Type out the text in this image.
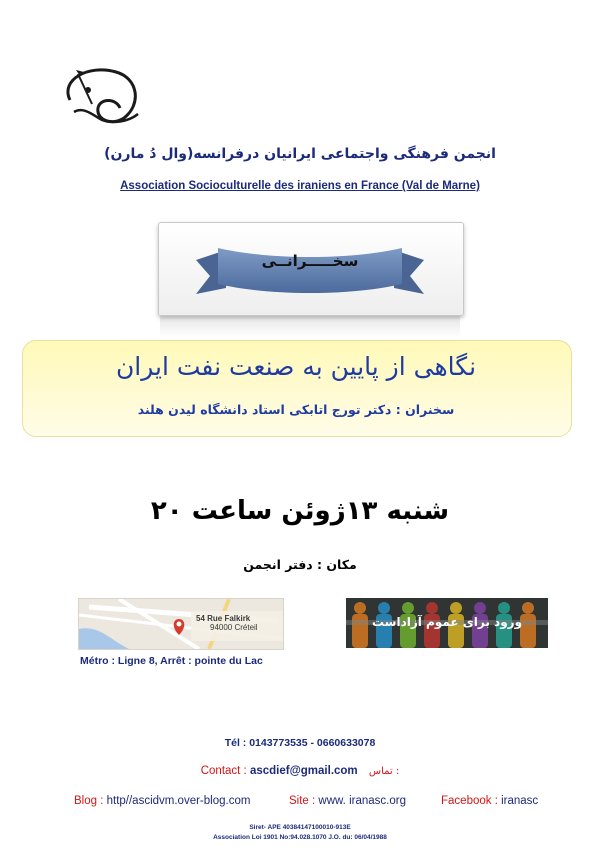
انجمن فرهنگی واجتماعی ایرانیان درفرانسه(وال دُ مارن)
Association Socioculturelle des iraniens en France (Val de Marne)
سخـــــرانــی
نگاهی از پایین به صنعت نفت ایران
سخنران : دکتر تورج اتابکی استاد دانشگاه لیدن هلند
شنبه ۱۳ژوئن ساعت ۲۰
مکان : دفتر انجمن
54 Rue Falkirk
94000 Créteil
Métro : Ligne 8, Arrêt : pointe du Lac
ورود برای عموم آزاداست
Tél : 0143773535 - 0660633078
Contact : ascdief@gmail.com تماس :
Blog : http//ascidvm.over-blog.com	Site : www. iranasc.org	Facebook : iranasc
Siret- APE 40384147100010-913E
Association Loi 1901 No:94.028.1070 J.O. du: 06/04/1988
